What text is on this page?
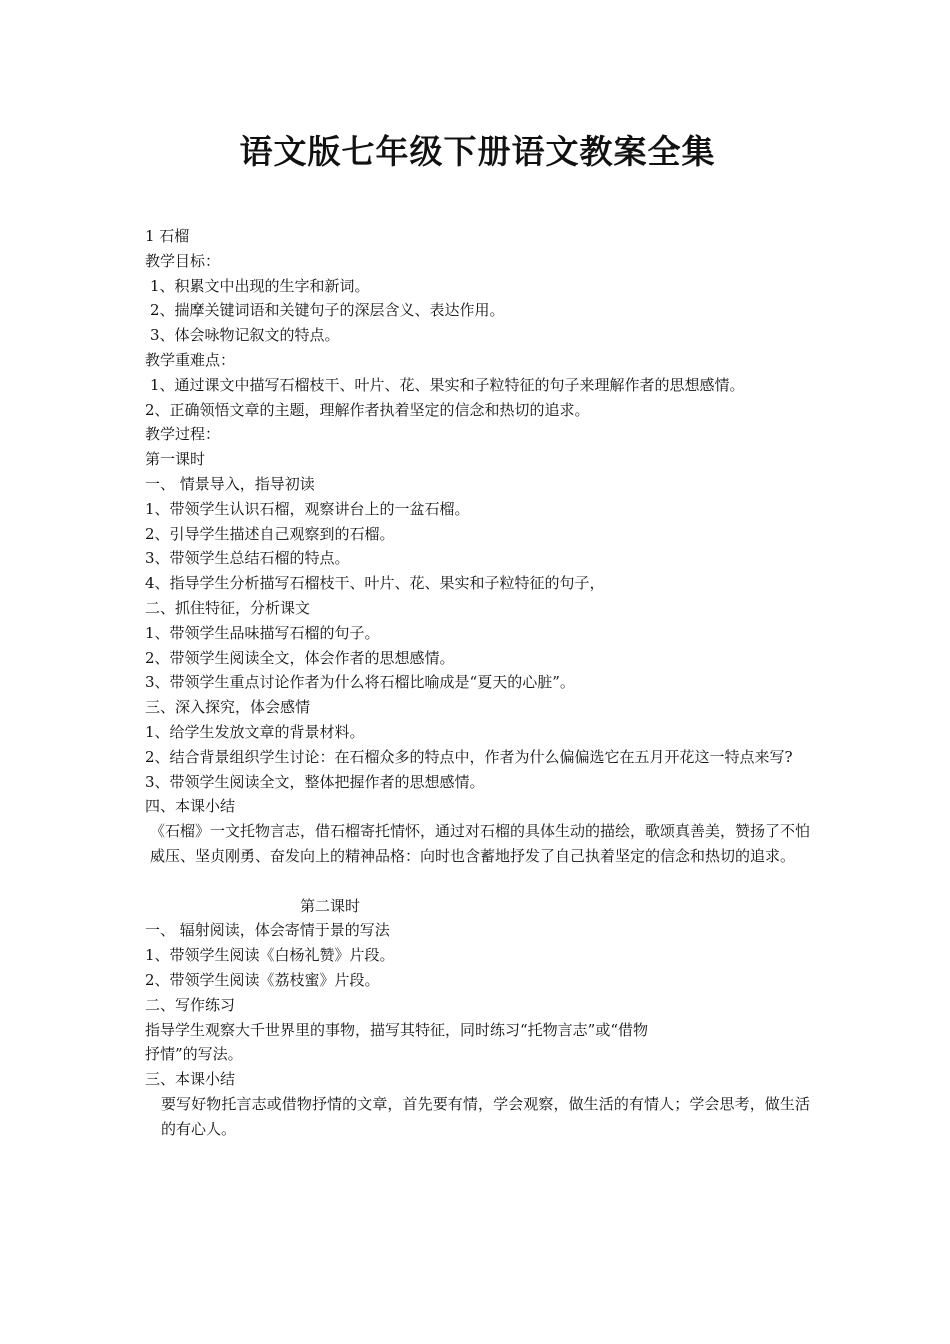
语文版七年级下册语文教案全集

1 石榴

教学目标：

1、积累文中出现的生字和新词。

2、揣摩关键词语和关键句子的深层含义、表达作用。

3、体会咏物记叙文的特点。

教学重难点：

1、通过课文中描写石榴枝干、叶片、花、果实和子粒特征的句子来理解作者的思想感情。

2、正确领悟文章的主题，理解作者执着坚定的信念和热切的追求。

教学过程：

第一课时

一、 情景导入，指导初读

1、带领学生认识石榴，观察讲台上的一盆石榴。

2、引导学生描述自己观察到的石榴。

3、带领学生总结石榴的特点。

4、指导学生分析描写石榴枝干、叶片、花、果实和子粒特征的句子，

二、抓住特征，分析课文

1、带领学生品味描写石榴的句子。

2、带领学生阅读全文，体会作者的思想感情。

3、带领学生重点讨论作者为什么将石榴比喻成是“夏天的心脏”。

三、深入探究，体会感情

1、给学生发放文章的背景材料。

2、结合背景组织学生讨论：在石榴众多的特点中，作者为什么偏偏选它在五月开花这一特点来写?

3、带领学生阅读全文，整体把握作者的思想感情。

四、本课小结

《石榴》一文托物言志，借石榴寄托情怀，通过对石榴的具体生动的描绘，歌颂真善美，赞扬了不怕威压、坚贞刚勇、奋发向上的精神品格：向时也含蓄地抒发了自己执着坚定的信念和热切的追求。

第二课时

一、 辐射阅读，体会寄情于景的写法

1、带领学生阅读《白杨礼赞》片段。

2、带领学生阅读《荔枝蜜》片段。

二、写作练习

指导学生观察大千世界里的事物，描写其特征，同时练习“托物言志”或“借物

抒情”的写法。

三、本课小结

要写好物托言志或借物抒情的文章，首先要有情，学会观察，做生活的有情人；学会思考，做生活的有心人。
